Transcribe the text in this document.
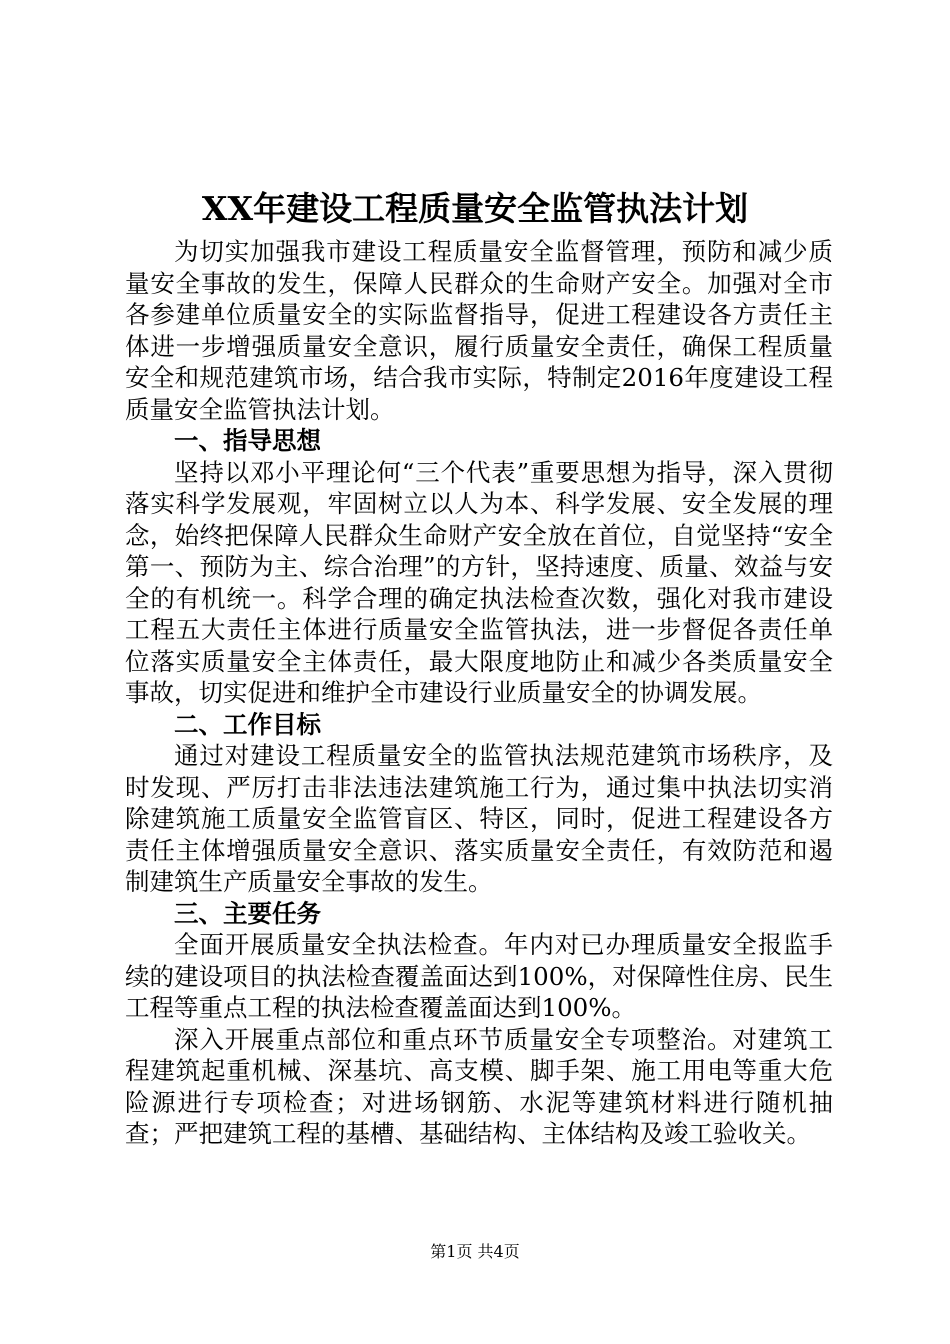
XX年建设工程质量安全监管执法计划

为切实加强我市建设工程质量安全监督管理，预防和减少质量安全事故的发生，保障人民群众的生命财产安全。加强对全市各参建单位质量安全的实际监督指导，促进工程建设各方责任主体进一步增强质量安全意识，履行质量安全责任，确保工程质量安全和规范建筑市场，结合我市实际，特制定2016年度建设工程质量安全监管执法计划。

一、指导思想

坚持以邓小平理论何“三个代表”重要思想为指导，深入贯彻落实科学发展观，牢固树立以人为本、科学发展、安全发展的理念，始终把保障人民群众生命财产安全放在首位，自觉坚持“安全第一、预防为主、综合治理”的方针，坚持速度、质量、效益与安全的有机统一。科学合理的确定执法检查次数，强化对我市建设工程五大责任主体进行质量安全监管执法，进一步督促各责任单位落实质量安全主体责任，最大限度地防止和减少各类质量安全事故，切实促进和维护全市建设行业质量安全的协调发展。

二、工作目标

通过对建设工程质量安全的监管执法规范建筑市场秩序，及时发现、严厉打击非法违法建筑施工行为，通过集中执法切实消除建筑施工质量安全监管盲区、特区，同时，促进工程建设各方责任主体增强质量安全意识、落实质量安全责任，有效防范和遏制建筑生产质量安全事故的发生。

三、主要任务

全面开展质量安全执法检查。年内对已办理质量安全报监手续的建设项目的执法检查覆盖面达到100%，对保障性住房、民生工程等重点工程的执法检查覆盖面达到100%。

深入开展重点部位和重点环节质量安全专项整治。对建筑工程建筑起重机械、深基坑、高支模、脚手架、施工用电等重大危险源进行专项检查；对进场钢筋、水泥等建筑材料进行随机抽查；严把建筑工程的基槽、基础结构、主体结构及竣工验收关。

第1页 共4页
